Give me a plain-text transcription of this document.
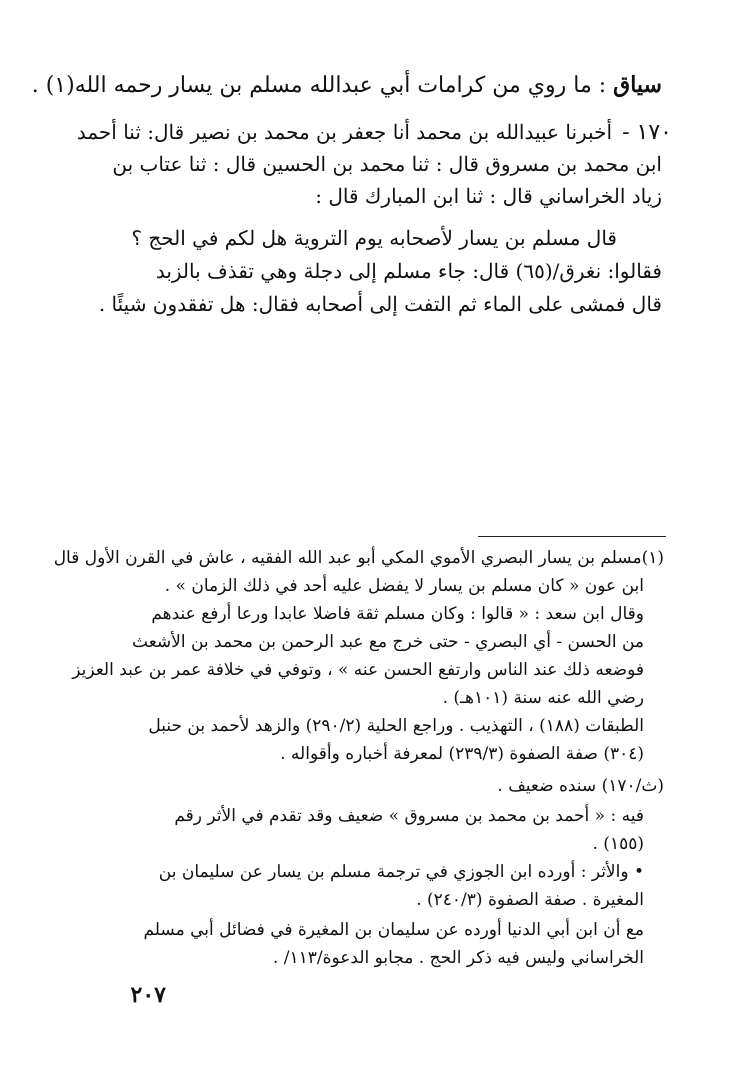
سياق : ما روي من كرامات أبي عبدالله مسلم بن يسار رحمه الله(١) .
١٧٠ -
أخبرنا عبيدالله بن محمد أنا جعفر بن محمد بن نصير قال: ثنا أحمد
ابن محمد بن مسروق قال : ثنا محمد بن الحسين قال : ثنا عتاب بن
زياد الخراساني قال : ثنا ابن المبارك قال :
قال مسلم بن يسار لأصحابه يوم التروية هل لكم في الحج ؟
فقالوا: نغرق/(٦٥) قال: جاء مسلم إلى دجلة وهي تقذف بالزبد
قال فمشى على الماء ثم التفت إلى أصحابه فقال: هل تفقدون شيئًا .
(١)مسلم بن يسار البصري الأموي المكي أبو عبد الله الفقيه ، عاش في القرن الأول قال
ابن عون « كان مسلم بن يسار لا يفضل عليه أحد في ذلك الزمان » .
وقال ابن سعد : « قالوا : وكان مسلم ثقة فاضلا عابدا ورعا أرفع عندهم
من الحسن - أي البصري - حتى خرج مع عبد الرحمن بن محمد بن الأشعث
فوضعه ذلك عند الناس وارتفع الحسن عنه » ، وتوفي في خلافة عمر بن عبد العزيز
رضي الله عنه سنة (١٠١هـ) .
الطبقات (١٨٨) ، التهذيب . وراجع الحلية (٢٩٠/٢) والزهد لأحمد بن حنبل
(٣٠٤) صفة الصفوة (٢٣٩/٣) لمعرفة أخباره وأقواله .
(ث/١٧٠) سنده ضعيف .
فيه : « أحمد بن محمد بن مسروق » ضعيف وقد تقدم في الأثر رقم
(١٥٥) .
• والأثر : أورده ابن الجوزي في ترجمة مسلم بن يسار عن سليمان بن
المغيرة . صفة الصفوة (٢٤٠/٣) .
مع أن ابن أبي الدنيا أورده عن سليمان بن المغيرة في فضائل أبي مسلم
الخراساني وليس فيه ذكر الحج . مجابو الدعوة/١١٣/ .
٢٠٧
